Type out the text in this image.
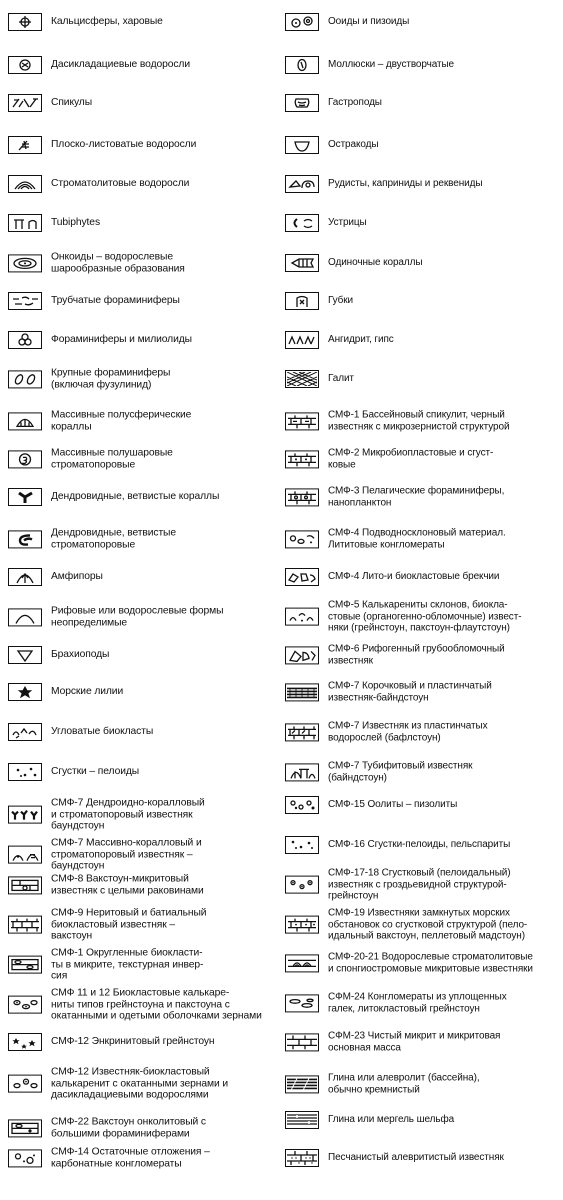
Кальцисферы, харовые
Дасикладациевые водоросли
Спикулы
Плоско-листоватые водоросли
Строматолитовые водоросли
Tubiphytes
Онкоиды – водорослевые
шарообразные образования
Трубчатые фораминиферы
Фораминиферы и милиолиды
Крупные фораминиферы
(включая фузулинид)
Массивные полусферические
кораллы
Массивные полушаровые
строматопоровые
Дендровидные, ветвистые кораллы
Дендровидные, ветвистые
строматопоровые
Амфипоры
Рифовые или водорослевые формы
неопределимые
Брахиоподы
Морские лилии
Угловатые биокласты
Сгустки – пелоиды
СМФ-7 Дендроидно-коралловый
и строматопоровый известняк
баундстоун
СМФ-7 Массивно-коралловый и
строматопоровый известняк –
баундстоун
СМФ-8 Вакстоун-микритовый
известняк с целыми раковинами
СМФ-9 Неритовый и батиальный
биокластовый известняк –
вакстоун
СМФ-1 Округленные биокласти-
ты в микрите, текстурная инвер-
сия
СМФ 11 и 12 Биокластовые калькаре-
ниты типов грейнстоуна и пакстоуна с
окатанными и одетыми оболочками зернами
СМФ-12 Энкринитовый грейнстоун
СМФ-12 Известняк-биокластовый
калькаренит с окатанными зернами и
дасикладациевыми водорослями
СМФ-22 Вакстоун онколитовый с
большими фораминиферами
СМФ-14 Остаточные отложения –
карбонатные конгломераты
Ооиды и пизоиды
Моллюски – двустворчатые
Гастроподы
Остракоды
Рудисты, каприниды и реквениды
Устрицы
Одиночные кораллы
Губки
Ангидрит, гипс
Галит
СМФ-1 Бассейновый спикулит, черный
известняк с микрозернистой структурой
СМФ-2 Микробиопластовые и сгуст-
ковые
СМФ-3 Пелагические фораминиферы,
нанопланктон
СМФ-4 Подводносклоновый материал.
Лититовые конгломераты
СМФ-4 Лито-и биокластовые брекчии
СМФ-5 Калькарениты склонов, биокла-
стовые (органогенно-обломочные) извест-
няки (грейнстоун, пакстоун-флаутстоун)
СМФ-6 Рифогенный грубообломочный
известняк
СМФ-7 Корочковый и пластинчатый
известняк-байндстоун
СМФ-7 Известняк из пластинчатых
водорослей (бафлстоун)
СМФ-7 Тубифитовый известняк
(байндстоун)
СМФ-15 Оолиты – пизолиты
СМФ-16 Сгустки-пелоиды, пельспариты
СМФ-17-18 Сгустковый (пелоидальный)
известняк с гроздьевидной структурой-
грейнстоун
СМФ-19 Известняки замкнутых морских
обстановок со сгустковой структурой (пело-
идальный вакстоун, пеллетовый мадстоун)
СМФ-20-21 Водорослевые строматолитовые
и спонгиостромовые микритовые известняки
СФМ-24 Конгломераты из уплощенных
галек, литокластовый грейнстоун
СФМ-23 Чистый микрит и микритовая
основная масса
Глина или алевролит (бассейна),
обычно кремнистый
Глина или мергель шельфа
Песчанистый алевритистый известняк
